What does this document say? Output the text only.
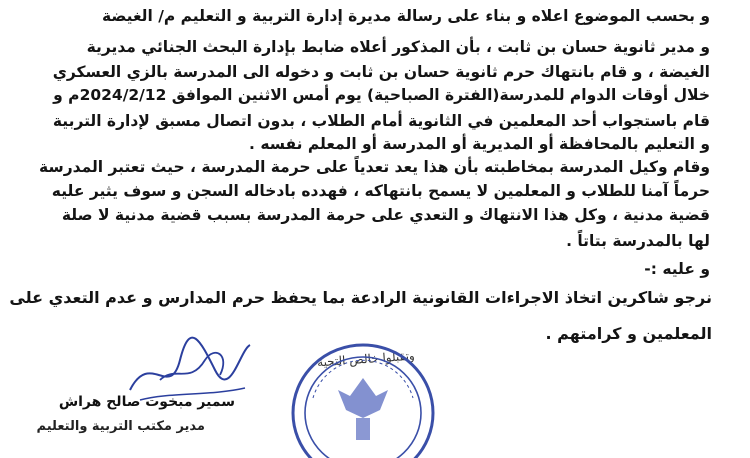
و بحسب الموضوع اعلاه و بناء على رسالة مديرة إدارة التربية و التعليم م/ الغيضة
و مدير ثانوية حسان بن ثابت ، بأن المذكور أعلاه ضابط بإدارة البحث الجنائي مديرية
الغيضة ، و قام بانتهاك حرم ثانوية حسان بن ثابت و دخوله الى المدرسة بالزي العسكري
خلال أوقات الدوام للمدرسة(الفترة الصباحية) يوم أمس الاثنين الموافق 2024/2/12م و
قام باستجواب أحد المعلمين في الثانوية أمام الطلاب ، بدون اتصال مسبق لإدارة التربية
و التعليم بالمحافظة أو المديرية أو المدرسة أو المعلم نفسه .
وقام وكيل المدرسة بمخاطبته بأن هذا يعد تعدياً على حرمة المدرسة ، حيث تعتبر المدرسة
حرماً آمنا للطلاب و المعلمين لا يسمح بانتهاكه ، فهدده بادخاله السجن و سوف يثير عليه
قضية مدنية ، وكل هذا الانتهاك و التعدي على حرمة المدرسة بسبب قضية مدنية لا صلة
لها بالمدرسة بتاتاً .
و عليه :-
نرجو شاكرين اتخاذ الاجراءات القانونية الرادعة بما يحفظ حرم المدارس و عدم التعدي على
المعلمين و كرامتهم .
وتقبلوا خالص التحية
سمير مبخوت صالح هراش
مدير مكتب التربية والتعليم
